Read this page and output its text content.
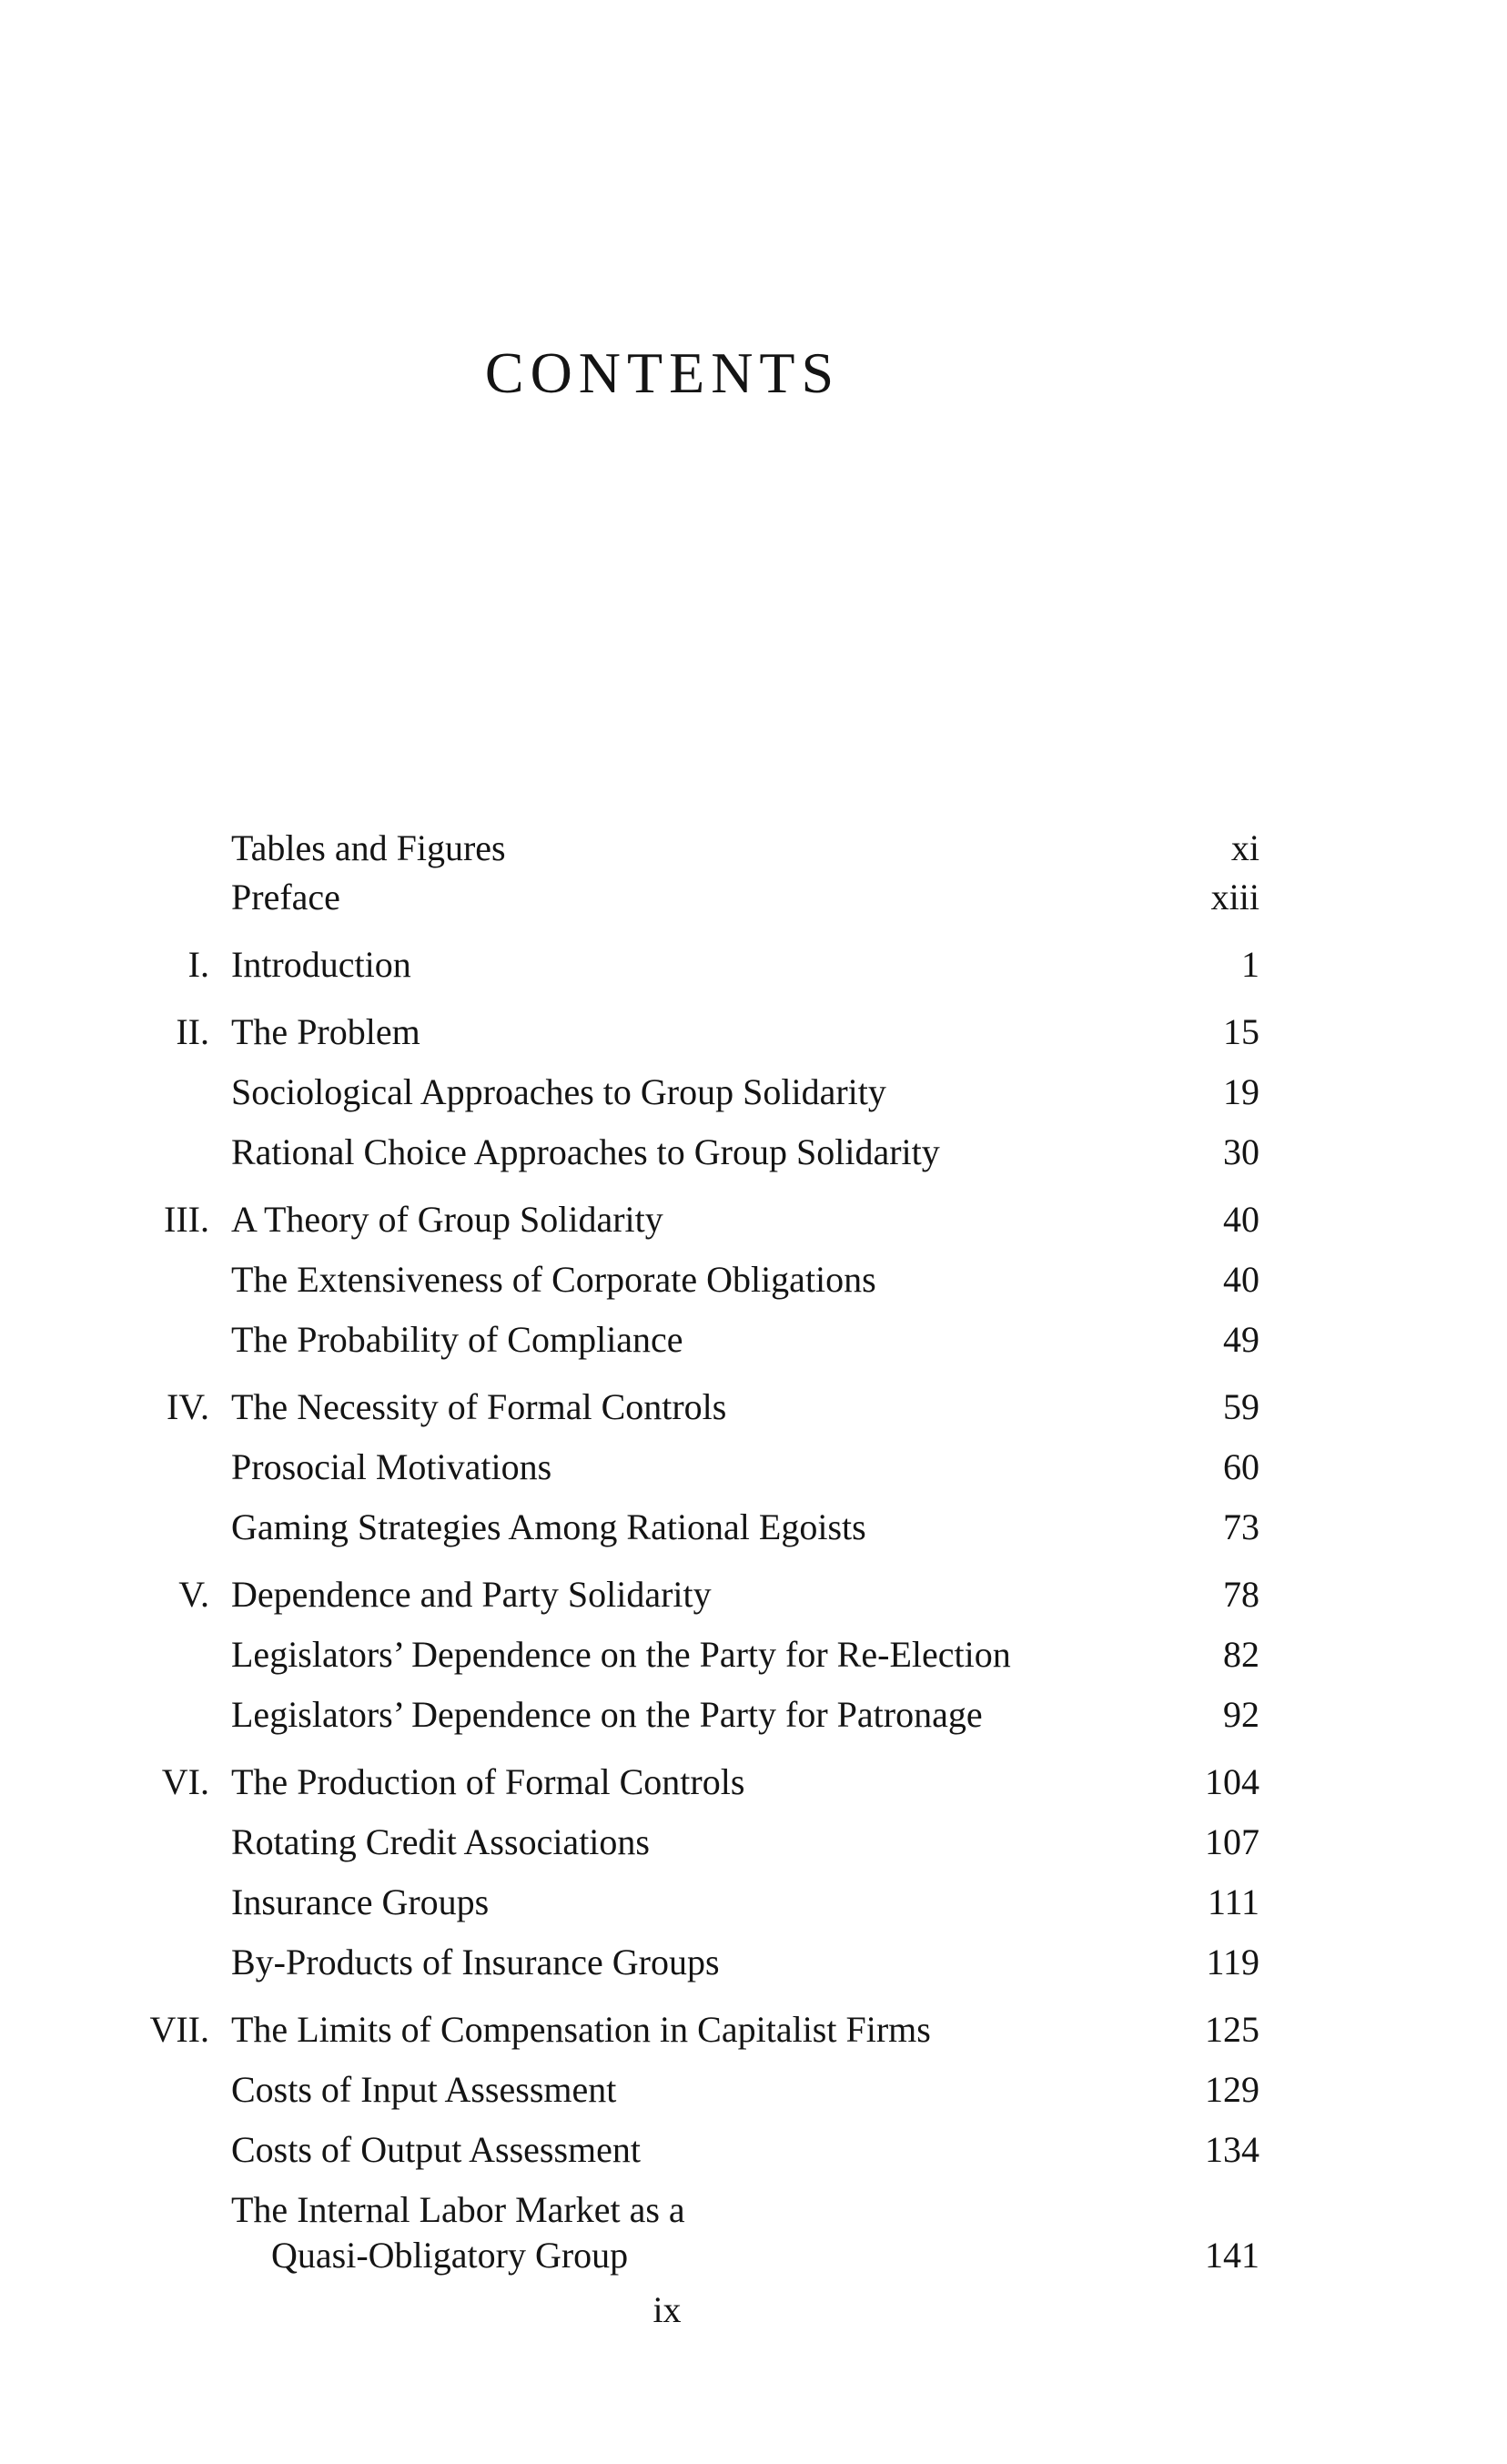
CONTENTS
Tables and Figures	xi
Preface	xiii
I. Introduction	1
II. The Problem	15
Sociological Approaches to Group Solidarity	19
Rational Choice Approaches to Group Solidarity	30
III. A Theory of Group Solidarity	40
The Extensiveness of Corporate Obligations	40
The Probability of Compliance	49
IV. The Necessity of Formal Controls	59
Prosocial Motivations	60
Gaming Strategies Among Rational Egoists	73
V. Dependence and Party Solidarity	78
Legislators’ Dependence on the Party for Re-Election	82
Legislators’ Dependence on the Party for Patronage	92
VI. The Production of Formal Controls	104
Rotating Credit Associations	107
Insurance Groups	111
By-Products of Insurance Groups	119
VII. The Limits of Compensation in Capitalist Firms	125
Costs of Input Assessment	129
Costs of Output Assessment	134
The Internal Labor Market as a
Quasi-Obligatory Group	141
ix
